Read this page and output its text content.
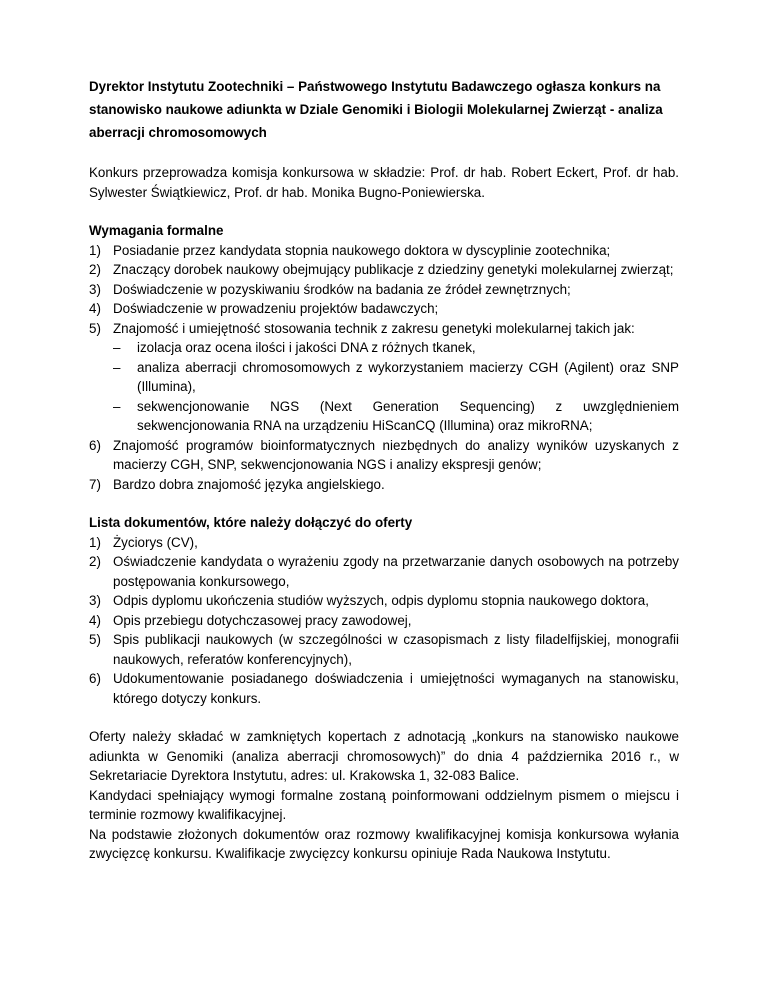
Dyrektor Instytutu Zootechniki – Państwowego Instytutu Badawczego ogłasza konkurs na stanowisko naukowe adiunkta w Dziale Genomiki i Biologii Molekularnej Zwierząt - analiza aberracji chromosomowych

Konkurs przeprowadza komisja konkursowa w składzie: Prof. dr hab. Robert Eckert, Prof. dr hab. Sylwester Świątkiewicz, Prof. dr hab. Monika Bugno-Poniewierska.

Wymagania formalne

1) Posiadanie przez kandydata stopnia naukowego doktora w dyscyplinie zootechnika;
2) Znaczący dorobek naukowy obejmujący publikacje z dziedziny genetyki molekularnej zwierząt;
3) Doświadczenie w pozyskiwaniu środków na badania ze źródeł zewnętrznych;
4) Doświadczenie w prowadzeniu projektów badawczych;
5) Znajomość i umiejętność stosowania technik z zakresu genetyki molekularnej takich jak:
– izolacja oraz ocena ilości i jakości DNA z różnych tkanek,
– analiza aberracji chromosomowych z wykorzystaniem macierzy CGH (Agilent) oraz SNP (Illumina),
– sekwencjonowanie NGS (Next Generation Sequencing) z uwzględnieniem sekwencjonowania RNA na urządzeniu HiScanCQ (Illumina) oraz mikroRNA;
6) Znajomość programów bioinformatycznych niezbędnych do analizy wyników uzyskanych z macierzy CGH, SNP, sekwencjonowania NGS i analizy ekspresji genów;
7) Bardzo dobra znajomość języka angielskiego.

Lista dokumentów, które należy dołączyć do oferty

1) Życiorys (CV),
2) Oświadczenie kandydata o wyrażeniu zgody na przetwarzanie danych osobowych na potrzeby postępowania konkursowego,
3) Odpis dyplomu ukończenia studiów wyższych, odpis dyplomu stopnia naukowego doktora,
4) Opis przebiegu dotychczasowej pracy zawodowej,
5) Spis publikacji naukowych (w szczególności w czasopismach z listy filadelfijskiej, monografii naukowych, referatów konferencyjnych),
6) Udokumentowanie posiadanego doświadczenia i umiejętności wymaganych na stanowisku, którego dotyczy konkurs.

Oferty należy składać w zamkniętych kopertach z adnotacją „konkurs na stanowisko naukowe adiunkta w Genomiki (analiza aberracji chromosowych)” do dnia 4 października 2016 r., w Sekretariacie Dyrektora Instytutu, adres: ul. Krakowska 1, 32-083 Balice.

Kandydaci spełniający wymogi formalne zostaną poinformowani oddzielnym pismem o miejscu i terminie rozmowy kwalifikacyjnej.

Na podstawie złożonych dokumentów oraz rozmowy kwalifikacyjnej komisja konkursowa wyłania zwycięzcę konkursu. Kwalifikacje zwycięzcy konkursu opiniuje Rada Naukowa Instytutu.
